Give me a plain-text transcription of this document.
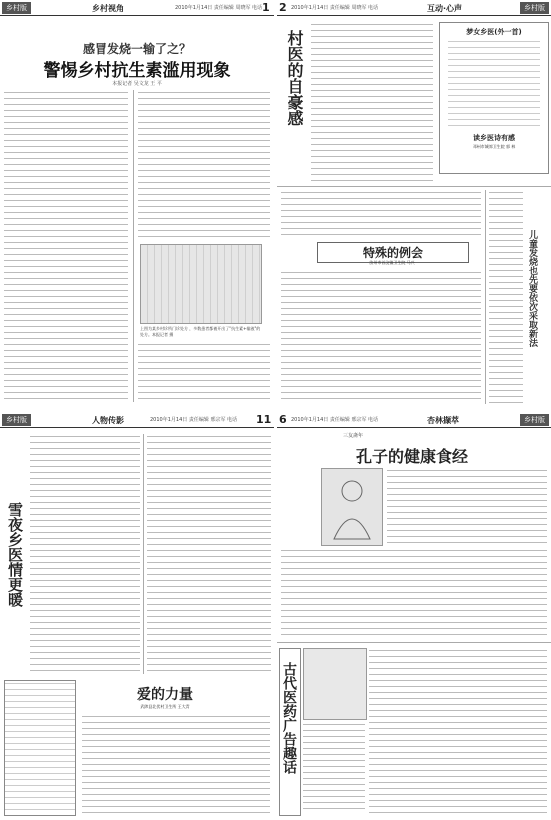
乡村版	乡村视角	2010年1月14日 责任编辑 周晓军 电话 1
感冒发烧一输了之？
警惕乡村抗生素滥用现象
本报记者 吴文龙 王 平
上图为某乡村诊所门诊处方 ，多数患者都被开出了"抗生素+输液"的处方。本报记者 摄
2 2010年1月14日 责任编辑 周晓军 电话	互动·心声	乡村版
村医的自豪感	梦女乡医(外一首)
读乡医诗有感
邓州市城郊卫生院 郭 林
特殊的例会
汝州市首汶镇卫生院 马兴	儿童发烧也先要依次采取新法
乡村版	人物传影	2010年1月14日 责任编辑 邢宗军 电话 11
雪夜乡医情更暖
爱的力量
武陟县北伏村卫生所 王大青
6 2010年1月14日 责任编辑 邢宗军 电话	杏林撷萃	乡村版
三友斋年
孔子的健康食经
古代医药广告趣话
